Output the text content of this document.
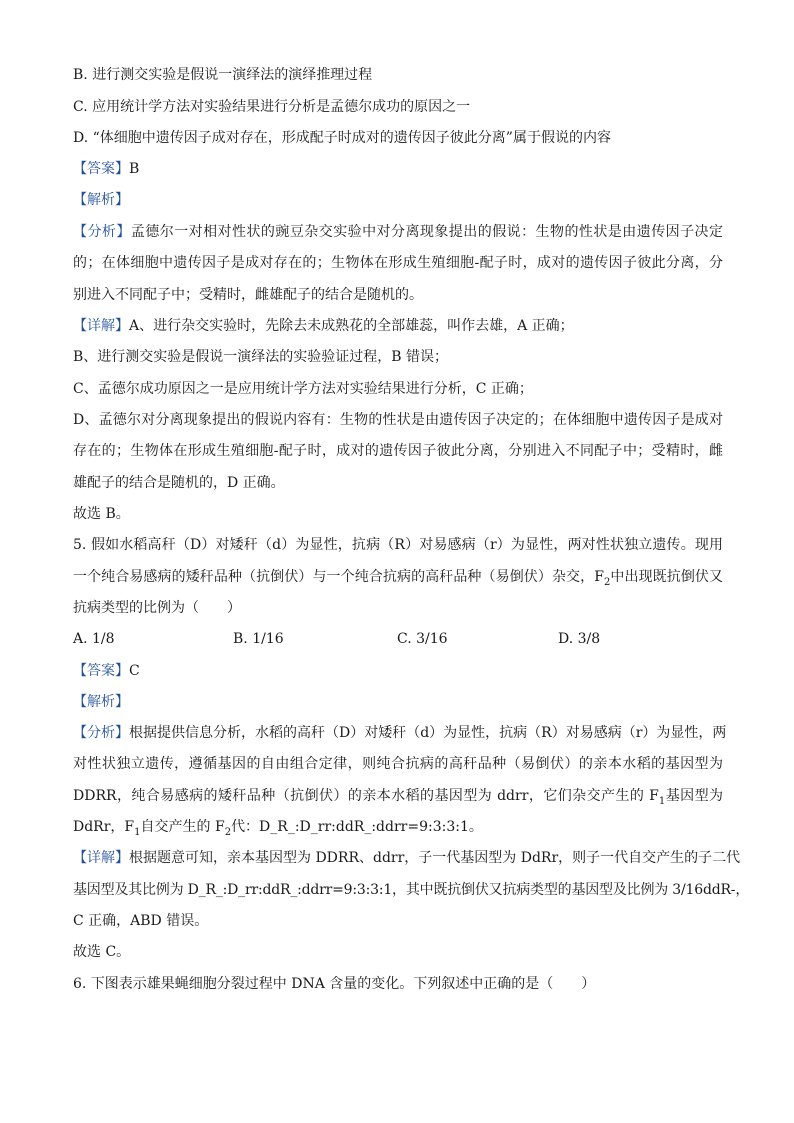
B. 进行测交实验是假说一演绎法的演绎推理过程
C. 应用统计学方法对实验结果进行分析是孟德尔成功的原因之一
D. “体细胞中遗传因子成对存在，形成配子时成对的遗传因子彼此分离”属于假说的内容
【答案】B
【解析】
【分析】孟德尔一对相对性状的豌豆杂交实验中对分离现象提出的假说：生物的性状是由遗传因子决定
的；在体细胞中遗传因子是成对存在的；生物体在形成生殖细胞-配子时，成对的遗传因子彼此分离，分
别进入不同配子中；受精时，雌雄配子的结合是随机的。
【详解】A、进行杂交实验时，先除去未成熟花的全部雄蕊，叫作去雄，A 正确；
B、进行测交实验是假说一演绎法的实验验证过程，B 错误；
C、孟德尔成功原因之一是应用统计学方法对实验结果进行分析，C 正确；
D、孟德尔对分离现象提出的假说内容有：生物的性状是由遗传因子决定的；在体细胞中遗传因子是成对
存在的；生物体在形成生殖细胞-配子时，成对的遗传因子彼此分离，分别进入不同配子中；受精时，雌
雄配子的结合是随机的，D 正确。
故选 B。
5. 假如水稻高秆（D）对矮秆（d）为显性，抗病（R）对易感病（r）为显性，两对性状独立遗传。现用
一个纯合易感病的矮秆品种（抗倒伏）与一个纯合抗病的高秆品种（易倒伏）杂交，$F_2$中出现既抗倒伏又
抗病类型的比例为（　　）
A. 1/8	B. 1/16	C. 3/16	D. 3/8
【答案】C
【解析】
【分析】根据提供信息分析，水稻的高秆（D）对矮秆（d）为显性，抗病（R）对易感病（r）为显性，两
对性状独立遗传，遵循基因的自由组合定律，则纯合抗病的高秆品种（易倒伏）的亲本水稻的基因型为
DDRR，纯合易感病的矮秆品种（抗倒伏）的亲本水稻的基因型为 ddrr，它们杂交产生的 $F_1$基因型为
DdRr，$F_1$自交产生的 $F_2$代：D_R_:D_rr:ddR_:ddrr=9:3:3:1。
【详解】根据题意可知，亲本基因型为 DDRR、ddrr，子一代基因型为 DdRr，则子一代自交产生的子二代
基因型及其比例为 D_R_:D_rr:ddR_:ddrr=9:3:3:1，其中既抗倒伏又抗病类型的基因型及比例为 3/16ddR-，
C 正确，ABD 错误。
故选 C。
6. 下图表示雄果蝇细胞分裂过程中 DNA 含量的变化。下列叙述中正确的是（　　）
